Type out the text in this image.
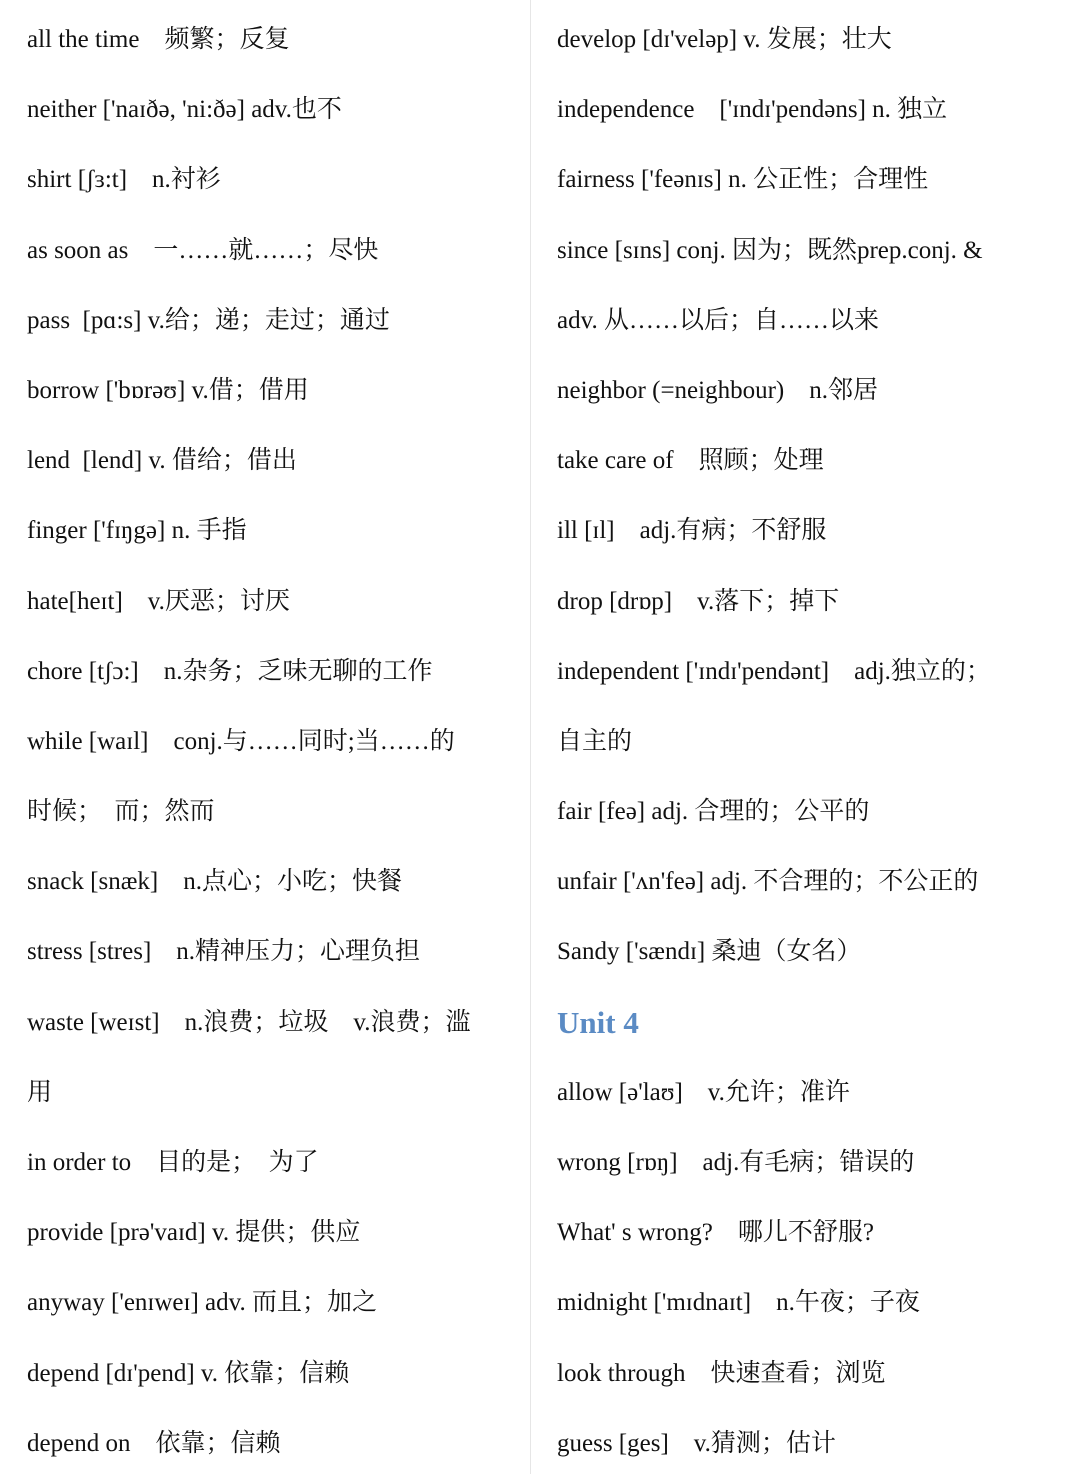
all the time　频繁；反复
neither ['naɪðə, 'ni:ðə] adv.也不
shirt [ʃɜ:t]　n.衬衫
as soon as　一……就……；尽快
pass  [pɑ:s] v.给；递；走过；通过
borrow ['bɒrəʊ] v.借；借用
lend  [lend] v. 借给；借出
finger ['fɪŋgə] n. 手指
hate[heɪt]　v.厌恶；讨厌
chore [tʃɔ:]　n.杂务；乏味无聊的工作
while [waɪl]　conj.与……同时;当……的
时候；　而；然而
snack [snæk]　n.点心；小吃；快餐
stress [stres]　n.精神压力；心理负担
waste [weɪst]　n.浪费；垃圾　v.浪费；滥
用
in order to　目的是；　为了
provide [prə'vaɪd] v. 提供；供应
anyway ['enɪweɪ] adv. 而且；加之
depend [dɪ'pend] v. 依靠；信赖
depend on　依靠；信赖
develop [dɪ'veləp] v. 发展；壮大
independence　['ɪndɪ'pendəns] n. 独立
fairness ['feənɪs] n. 公正性；合理性
since [sɪns] conj. 因为；既然prep.conj. &
adv. 从……以后；自……以来
neighbor (=neighbour)　n.邻居
take care of　照顾；处理
ill [ɪl]　adj.有病；不舒服
drop [drɒp]　v.落下；掉下
independent ['ɪndɪ'pendənt]　adj.独立的；
自主的
fair [feə] adj. 合理的；公平的
unfair ['ʌn'feə] adj. 不合理的；不公正的
Sandy ['sændɪ] 桑迪（女名）
Unit 4
allow [ə'laʊ]　v.允许；准许
wrong [rɒŋ]　adj.有毛病；错误的
What' s wrong?　哪儿不舒服?
midnight ['mɪdnaɪt]　n.午夜；子夜
look through　快速查看；浏览
guess [ges]　v.猜测；估计
